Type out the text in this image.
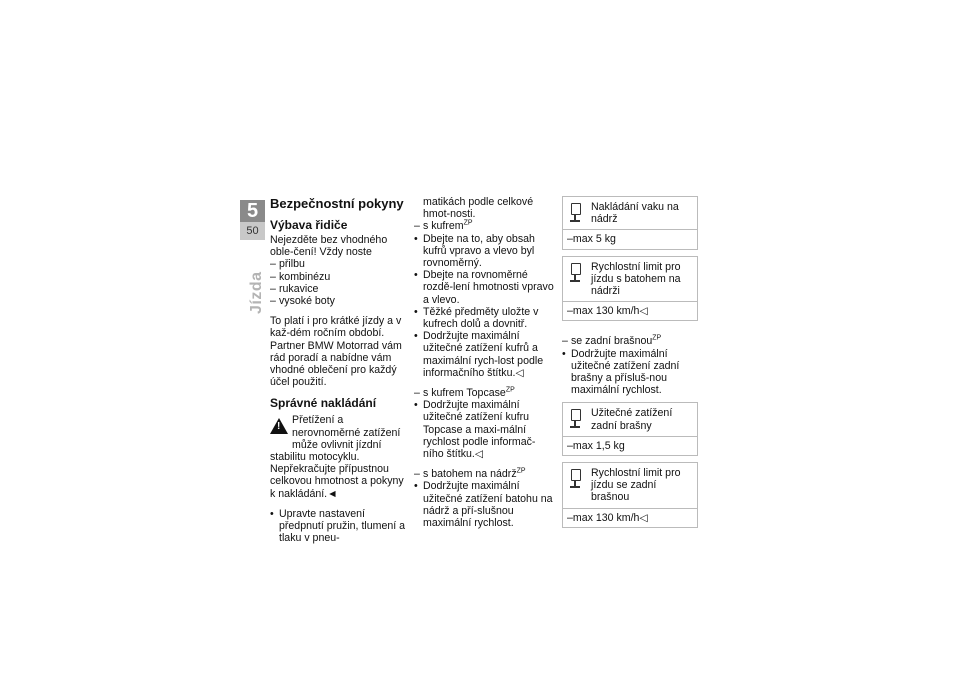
5
50
Jízda
Bezpečnostní pokyny
Výbava řidiče
Nejezděte bez vhodného oble-čení! Vždy noste
– přilbu
– kombinézu
– rukavice
– vysoké boty

To platí i pro krátké jízdy a v kaž-dém ročním období. Partner BMW Motorrad vám rád poradí a nabídne vám vhodné oblečení pro každý účel použití.

Správné nakládání
!
Přetížení a nerovnoměrné zatížení může ovlivnit jízdní

stabilitu motocyklu. Nepřekračujte přípustnou celkovou hmotnost a pokyny k nakládání.◄

• Upravte nastavení předpnutí pružin, tlumení a tlaku v pneu-
matikách podle celkové hmot-nosti.
– s kufrem$^{ZP}$
• Dbejte na to, aby obsah kufrů vpravo a vlevo byl rovnoměrný.
• Dbejte na rovnoměrné rozdě-lení hmotnosti vpravo a vlevo.
• Těžké předměty uložte v kufrech dolů a dovnitř.
• Dodržujte maximální užitečné zatížení kufrů a maximální rych-lost podle informačního štítku.◁
– s kufrem Topcase$^{ZP}$
• Dodržujte maximální užitečné zatížení kufru Topcase a maxi-mální rychlost podle informač-ního štítku.◁
– s batohem na nádrž$^{ZP}$
• Dodržujte maximální užitečné zatížení batohu na nádrž a pří-slušnou maximální rychlost.
Nakládání vaku na nádrž
– max 5 kg
Rychlostní limit pro jízdu s batohem na nádrži
– max 130 km/h◁
– se zadní brašnou$^{ZP}$
• Dodržujte maximální užitečné zatížení zadní brašny a přísluš-nou maximální rychlost.
Užitečné zatížení zadní brašny
– max 1,5 kg
Rychlostní limit pro jízdu se zadní brašnou
– max 130 km/h◁
